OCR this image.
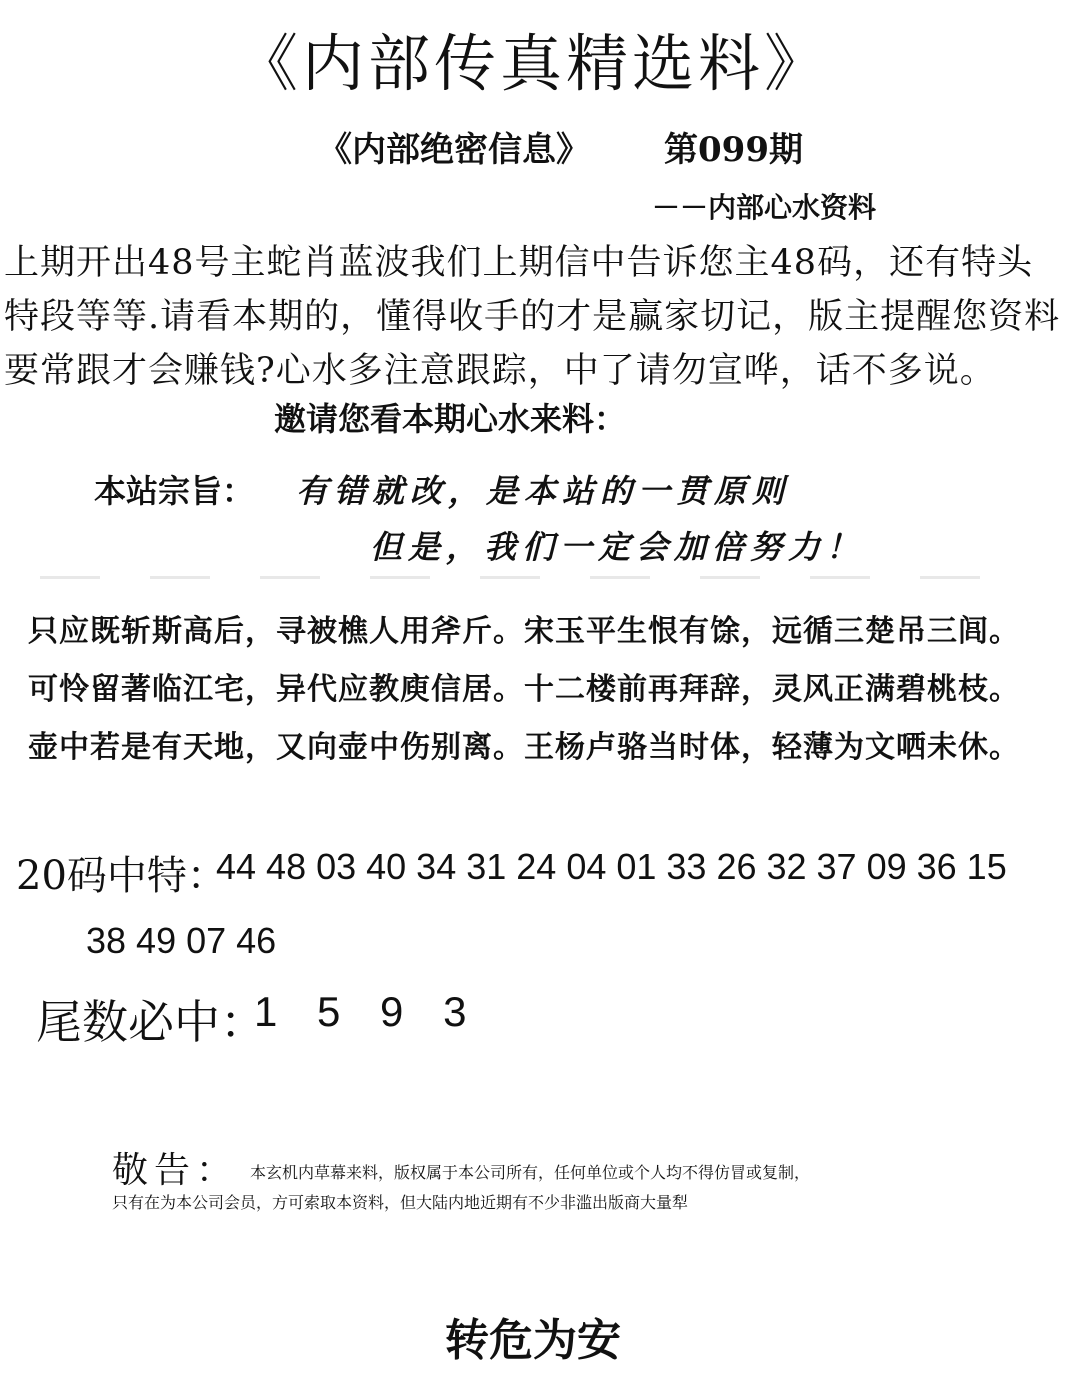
《内部传真精选料》
《内部绝密信息》 第099期
－－内部心水资料
上期开出48号主蛇肖蓝波我们上期信中告诉您主48码，还有特头特段等等.请看本期的，懂得收手的才是赢家切记，版主提醒您资料要常跟才会赚钱?心水多注意跟踪，中了请勿宣哗，话不多说。
邀请您看本期心水来料：
本站宗旨： 有错就改，是本站的一贯原则
但是，我们一定会加倍努力！
只应既斩斯高后，寻被樵人用斧斤。宋玉平生恨有馀，远循三楚吊三闾。
可怜留著临江宅，异代应教庾信居。十二楼前再拜辞，灵风正满碧桃枝。
壶中若是有天地，又向壶中伤别离。王杨卢骆当时体，轻薄为文哂未休。
20码中特：
44 48 03 40 34 31 24 04 01 33 26 32 37 09 36 15
38 49 07 46
尾数必中：
1 5 9 3
敬告： 本玄机内草幕来料，版权属于本公司所有，任何单位或个人均不得仿冒或复制，
只有在为本公司会员，方可索取本资料，但大陆内地近期有不少非滥出版商大量犁
转危为安
